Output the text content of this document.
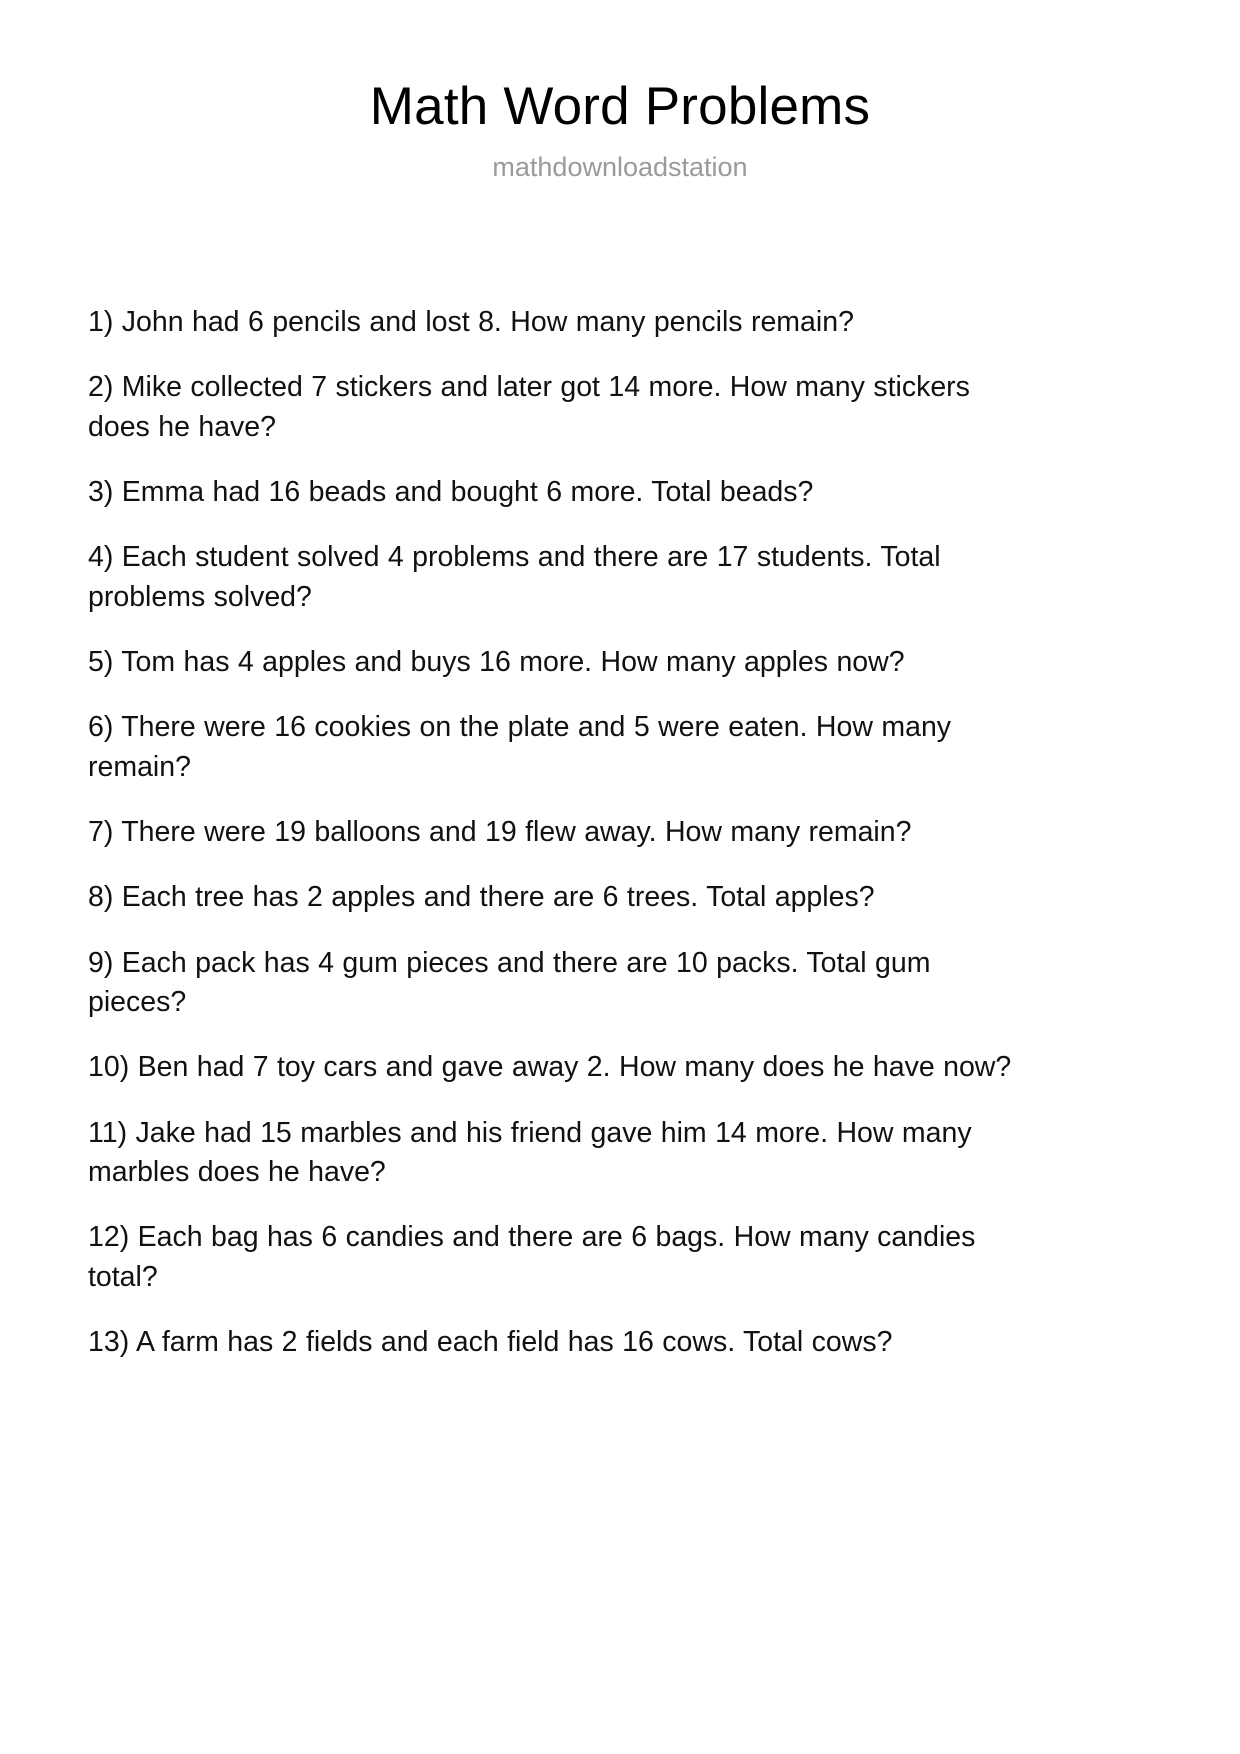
Math Word Problems

mathdownloadstation

1) John had 6 pencils and lost 8. How many pencils remain?
2) Mike collected 7 stickers and later got 14 more. How many stickers does he have?
3) Emma had 16 beads and bought 6 more. Total beads?
4) Each student solved 4 problems and there are 17 students. Total problems solved?
5) Tom has 4 apples and buys 16 more. How many apples now?
6) There were 16 cookies on the plate and 5 were eaten. How many remain?
7) There were 19 balloons and 19 flew away. How many remain?
8) Each tree has 2 apples and there are 6 trees. Total apples?
9) Each pack has 4 gum pieces and there are 10 packs. Total gum pieces?
10) Ben had 7 toy cars and gave away 2. How many does he have now?
11) Jake had 15 marbles and his friend gave him 14 more. How many marbles does he have?
12) Each bag has 6 candies and there are 6 bags. How many candies total?
13) A farm has 2 fields and each field has 16 cows. Total cows?
